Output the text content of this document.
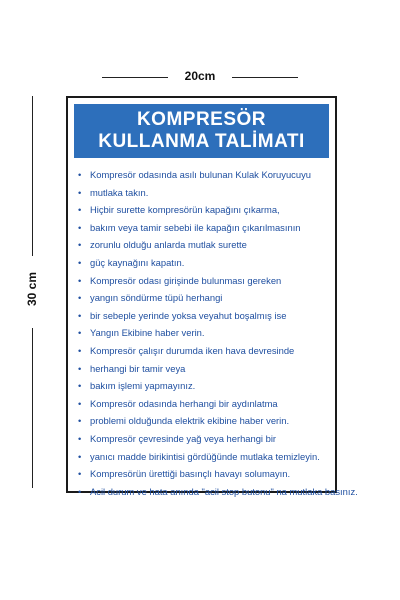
20cm
30 cm
KOMPRESÖR
KULLANMA TALİMATI
• Kompresör odasında asılı bulunan Kulak Koruyucuyu
• mutlaka takın.
• Hiçbir surette kompresörün kapağını çıkarma,
• bakım veya tamir sebebi ile kapağın çıkarılmasının
• zorunlu olduğu anlarda mutlak surette
• güç kaynağını kapatın.
• Kompresör odası girişinde bulunması gereken
• yangın söndürme tüpü herhangi
• bir sebeple yerinde yoksa veyahut boşalmış ise
• Yangın Ekibine haber verin.
• Kompresör çalışır durumda iken hava devresinde
• herhangi bir tamir veya
• bakım işlemi yapmayınız.
• Kompresör odasında herhangi bir aydınlatma
• problemi olduğunda elektrik ekibine haber verin.
• Kompresör çevresinde yağ veya herhangi bir
• yanıcı madde birikintisi gördüğünde mutlaka temizleyin.
• Kompresörün ürettiği basınçlı havayı solumayın.
• Acil durum ve hata anında "acil stop butonu" na mutlaka basınız.
